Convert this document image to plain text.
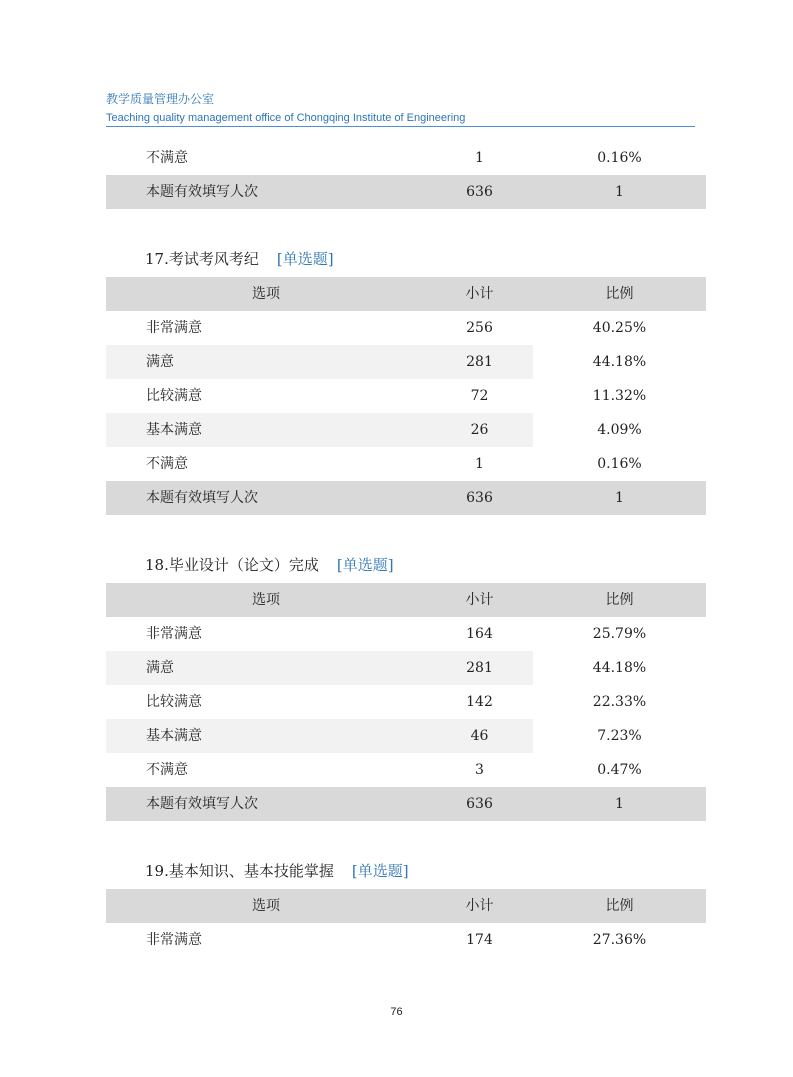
教学质量管理办公室
Teaching quality management office of Chongqing Institute of Engineering
不满意	1	0.16%
本题有效填写人次	636	1
17.考试考风考纪 [单选题]
选项	小计	比例
非常满意	256	40.25%
满意	281	44.18%
比较满意	72	11.32%
基本满意	26	4.09%
不满意	1	0.16%
本题有效填写人次	636	1
18.毕业设计（论文）完成 [单选题]
选项	小计	比例
非常满意	164	25.79%
满意	281	44.18%
比较满意	142	22.33%
基本满意	46	7.23%
不满意	3	0.47%
本题有效填写人次	636	1
19.基本知识、基本技能掌握 [单选题]
选项	小计	比例
非常满意	174	27.36%
76
